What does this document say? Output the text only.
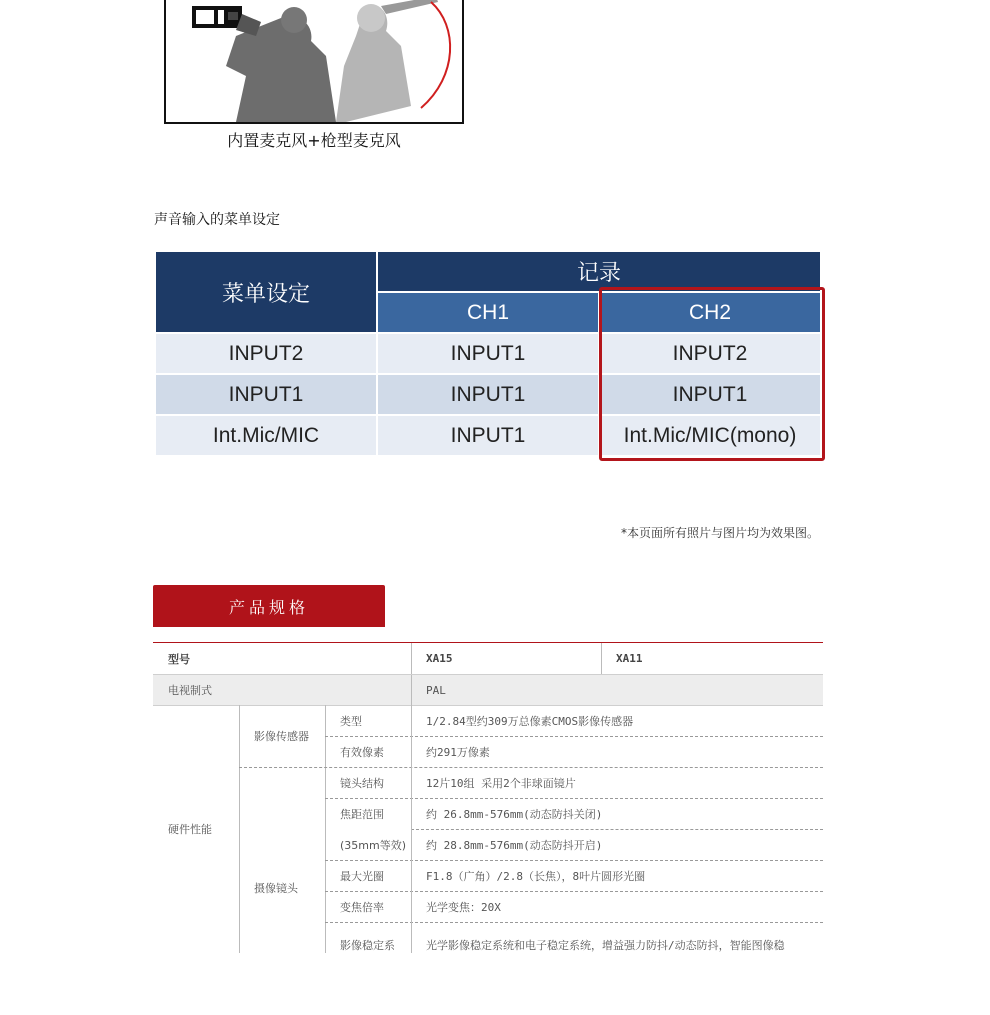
内置麦克风+枪型麦克风
声音输入的菜单设定
菜单设定
记录
CH1	CH2
INPUT2	INPUT1	INPUT2
INPUT1	INPUT1	INPUT1
Int.Mic/MIC	INPUT1	Int.Mic/MIC(mono)
*本页面所有照片与图片均为效果图。
产品规格
型号	XA15	XA11
电视制式	PAL
硬件性能
影像传感器
类型	1/2.84型约309万总像素CMOS影像传感器
有效像素	约291万像素
摄像镜头
镜头结构	12片10组 采用2个非球面镜片
焦距范围	约 26.8mm-576mm(动态防抖关闭)
(35mm等效)	约 28.8mm-576mm(动态防抖开启)
最大光圈	F1.8（广角）/2.8（长焦），8叶片圆形光圈
变焦倍率	光学变焦：20X
影像稳定系	光学影像稳定系统和电子稳定系统，增益强力防抖/动态防抖，智能图像稳
